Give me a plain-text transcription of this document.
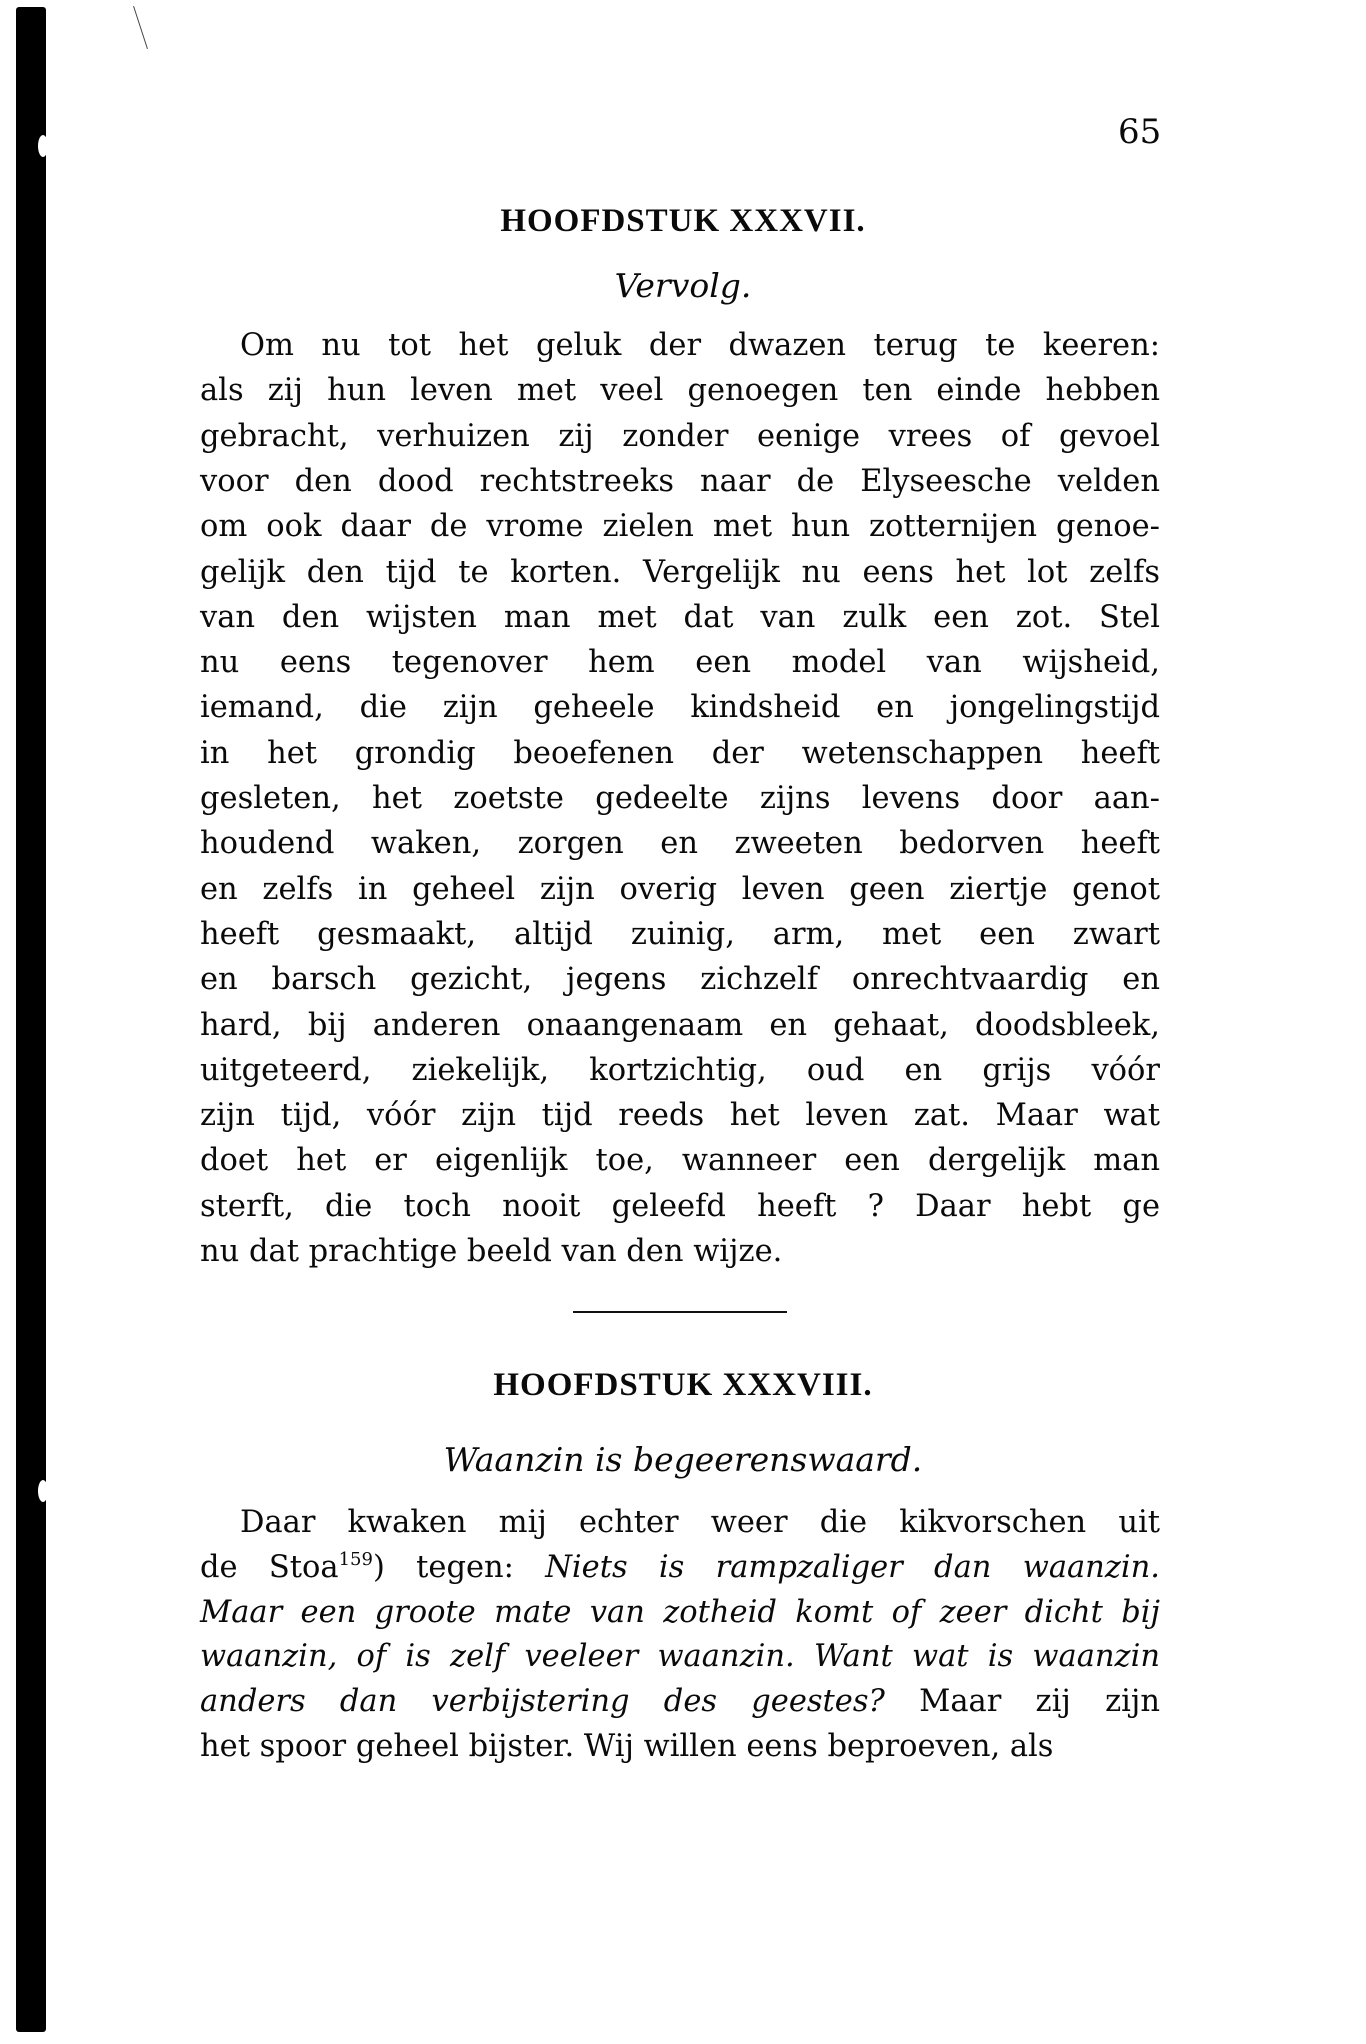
65
HOOFDSTUK XXXVII.
Vervolg.
Om nu tot het geluk der dwazen terug te keeren:
als zij hun leven met veel genoegen ten einde hebben
gebracht, verhuizen zij zonder eenige vrees of gevoel
voor den dood rechtstreeks naar de Elyseesche velden
om ook daar de vrome zielen met hun zotternijen genoe-
gelijk den tijd te korten. Vergelijk nu eens het lot zelfs
van den wijsten man met dat van zulk een zot. Stel
nu eens tegenover hem een model van wijsheid,
iemand, die zijn geheele kindsheid en jongelingstijd
in het grondig beoefenen der wetenschappen heeft
gesleten, het zoetste gedeelte zijns levens door aan-
houdend waken, zorgen en zweeten bedorven heeft
en zelfs in geheel zijn overig leven geen ziertje genot
heeft gesmaakt, altijd zuinig, arm, met een zwart
en barsch gezicht, jegens zichzelf onrechtvaardig en
hard, bij anderen onaangenaam en gehaat, doodsbleek,
uitgeteerd, ziekelijk, kortzichtig, oud en grijs vóór
zijn tijd, vóór zijn tijd reeds het leven zat. Maar wat
doet het er eigenlijk toe, wanneer een dergelijk man
sterft, die toch nooit geleefd heeft ? Daar hebt ge
nu dat prachtige beeld van den wijze.
HOOFDSTUK XXXVIII.
Waanzin is begeerenswaard.
Daar kwaken mij echter weer die kikvorschen uit
de Stoa$^{159}$) tegen: Niets is rampzaliger dan waanzin.
Maar een groote mate van zotheid komt of zeer dicht bij
waanzin, of is zelf veeleer waanzin. Want wat is waanzin
anders dan verbijstering des geestes? Maar zij zijn
het spoor geheel bijster. Wij willen eens beproeven, als
